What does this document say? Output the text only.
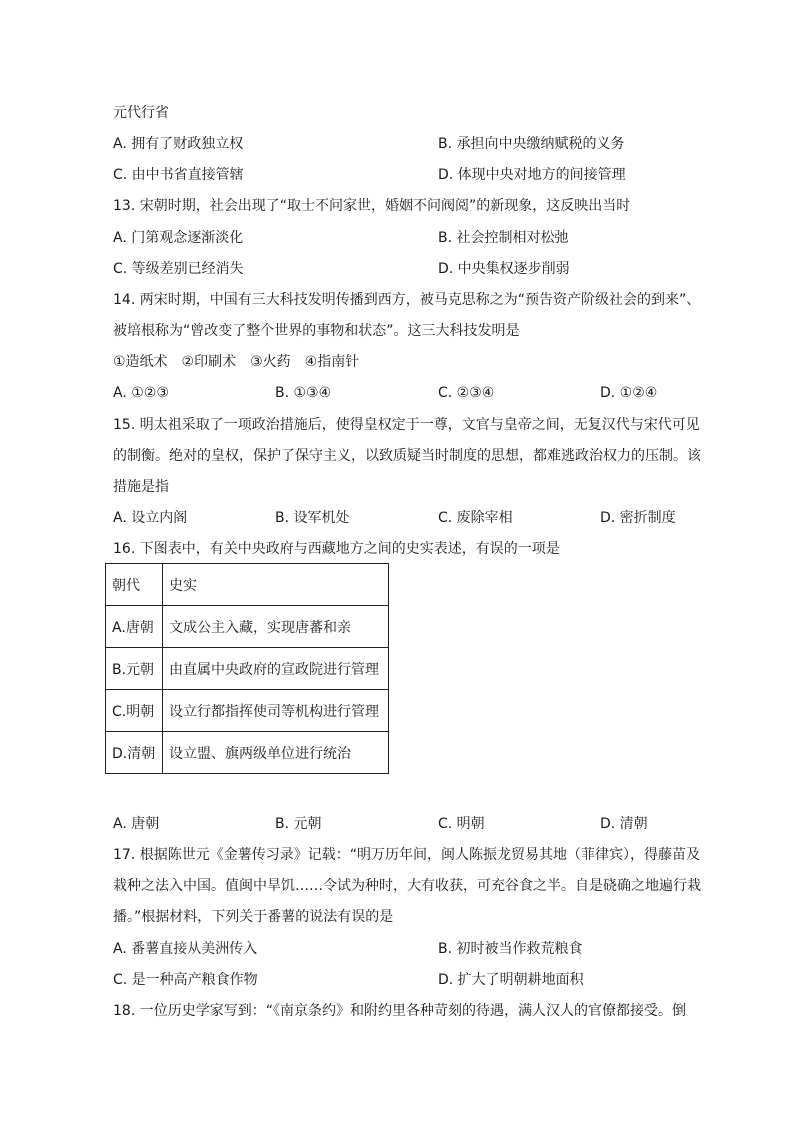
元代行省
A. 拥有了财政独立权	B. 承担向中央缴纳赋税的义务
C. 由中书省直接管辖	D. 体现中央对地方的间接管理
13. 宋朝时期，社会出现了“取士不问家世，婚姻不问阀阅”的新现象，这反映出当时
A. 门第观念逐渐淡化	B. 社会控制相对松弛
C. 等级差别已经消失	D. 中央集权逐步削弱
14. 两宋时期，中国有三大科技发明传播到西方，被马克思称之为“预告资产阶级社会的到来”、
被培根称为“曾改变了整个世界的事物和状态”。这三大科技发明是
①造纸术　②印刷术　③火药　④指南针
A. ①②③	B. ①③④	C. ②③④	D. ①②④
15. 明太祖采取了一项政治措施后，使得皇权定于一尊，文官与皇帝之间，无复汉代与宋代可见
的制衡。绝对的皇权，保护了保守主义，以致质疑当时制度的思想，都难逃政治权力的压制。该
措施是指
A. 设立内阁	B. 设军机处	C. 废除宰相	D. 密折制度
16. 下图表中，有关中央政府与西藏地方之间的史实表述，有误的一项是
朝代	史实
A.唐朝	文成公主入藏，实现唐蕃和亲
B.元朝	由直属中央政府的宣政院进行管理
C.明朝	设立行都指挥使司等机构进行管理
D.清朝	设立盟、旗两级单位进行统治
A. 唐朝	B. 元朝	C. 明朝	D. 清朝
17. 根据陈世元《金薯传习录》记载：“明万历年间，闽人陈振龙贸易其地（菲律宾），得藤苗及
栽种之法入中国。值闽中旱饥……令试为种时，大有收获，可充谷食之半。自是硗确之地遍行栽
播。”根据材料，下列关于番薯的说法有误的是
A. 番薯直接从美洲传入	B. 初时被当作救荒粮食
C. 是一种高产粮食作物	D. 扩大了明朝耕地面积
18. 一位历史学家写到：“《南京条约》和附约里各种苛刻的待遇，满人汉人的官僚都接受。倒
